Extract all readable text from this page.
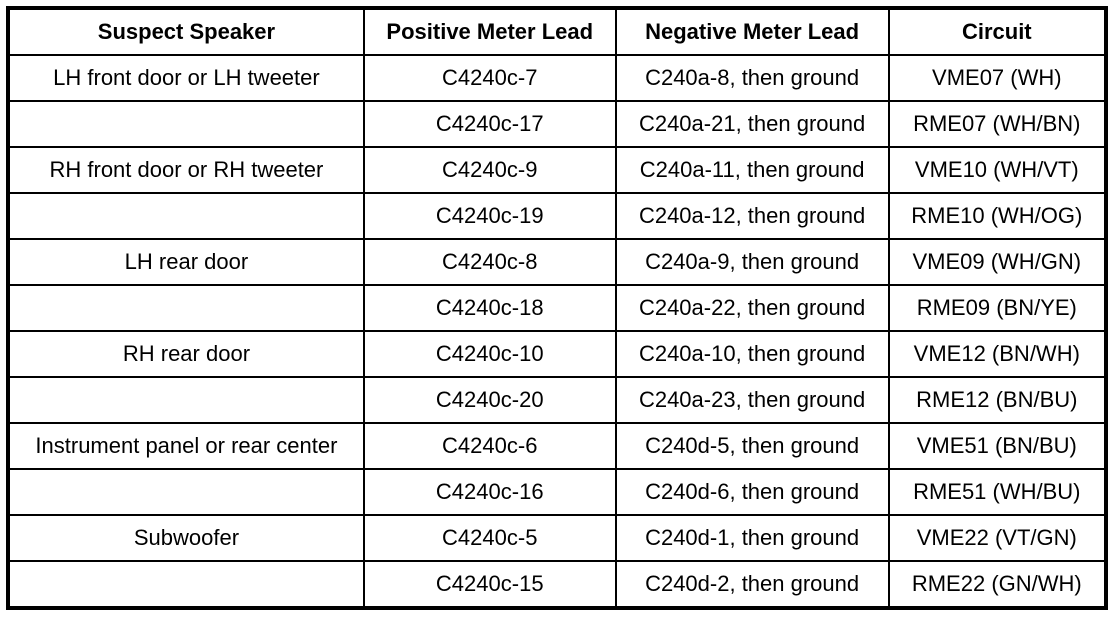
Suspect Speaker	Positive Meter Lead	Negative Meter Lead	Circuit
LH front door or LH tweeter	C4240c-7	C240a-8, then ground	VME07 (WH)
	C4240c-17	C240a-21, then ground	RME07 (WH/BN)
RH front door or RH tweeter	C4240c-9	C240a-11, then ground	VME10 (WH/VT)
	C4240c-19	C240a-12, then ground	RME10 (WH/OG)
LH rear door	C4240c-8	C240a-9, then ground	VME09 (WH/GN)
	C4240c-18	C240a-22, then ground	RME09 (BN/YE)
RH rear door	C4240c-10	C240a-10, then ground	VME12 (BN/WH)
	C4240c-20	C240a-23, then ground	RME12 (BN/BU)
Instrument panel or rear center	C4240c-6	C240d-5, then ground	VME51 (BN/BU)
	C4240c-16	C240d-6, then ground	RME51 (WH/BU)
Subwoofer	C4240c-5	C240d-1, then ground	VME22 (VT/GN)
	C4240c-15	C240d-2, then ground	RME22 (GN/WH)
